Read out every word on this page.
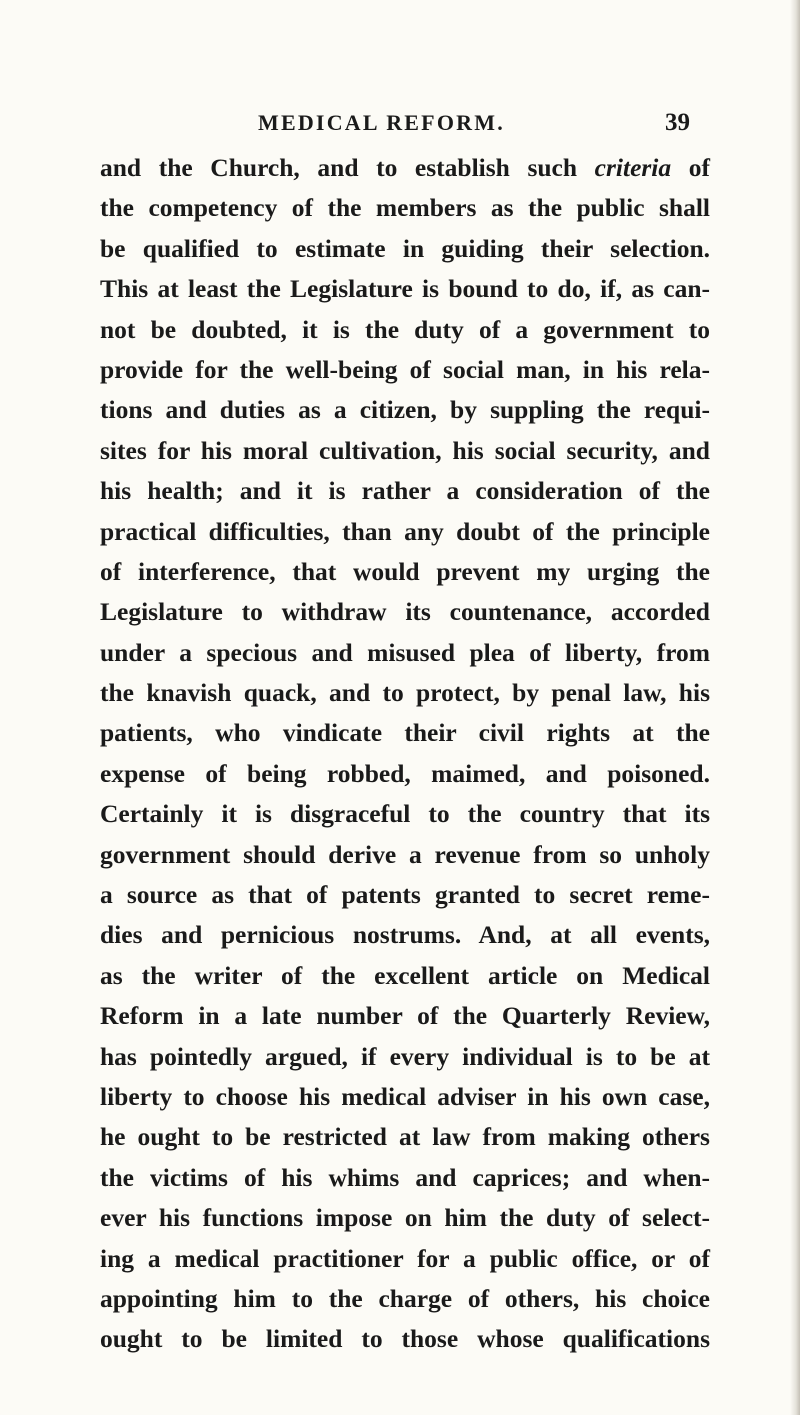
MEDICAL REFORM.	39
and the Church, and to establish such criteria of
the competency of the members as the public shall
be qualified to estimate in guiding their selection.
This at least the Legislature is bound to do, if, as can-
not be doubted, it is the duty of a government to
provide for the well-being of social man, in his rela-
tions and duties as a citizen, by suppling the requi-
sites for his moral cultivation, his social security, and
his health; and it is rather a consideration of the
practical difficulties, than any doubt of the principle
of interference, that would prevent my urging the
Legislature to withdraw its countenance, accorded
under a specious and misused plea of liberty, from
the knavish quack, and to protect, by penal law, his
patients, who vindicate their civil rights at the
expense of being robbed, maimed, and poisoned.
Certainly it is disgraceful to the country that its
government should derive a revenue from so unholy
a source as that of patents granted to secret reme-
dies and pernicious nostrums. And, at all events,
as the writer of the excellent article on Medical
Reform in a late number of the Quarterly Review,
has pointedly argued, if every individual is to be at
liberty to choose his medical adviser in his own case,
he ought to be restricted at law from making others
the victims of his whims and caprices; and when-
ever his functions impose on him the duty of select-
ing a medical practitioner for a public office, or of
appointing him to the charge of others, his choice
ought to be limited to those whose qualifications
